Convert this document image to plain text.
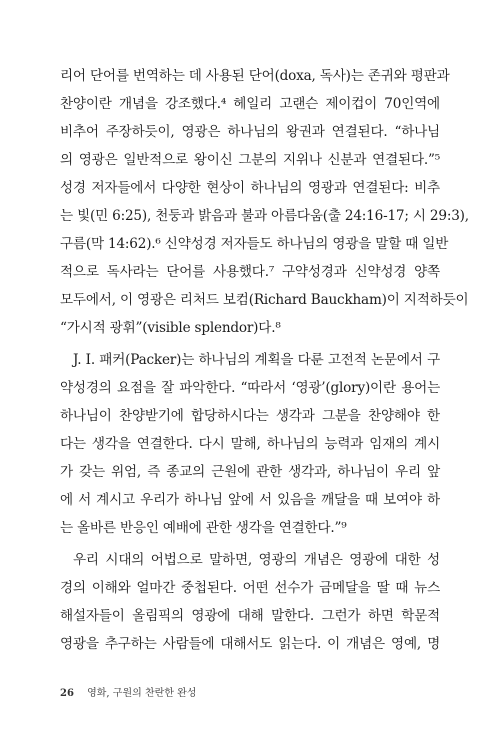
리어 단어를 번역하는 데 사용된 단어(doxa, 독사)는 존귀와 평판과
찬양이란 개념을 강조했다.⁴ 헤일리 고랜슨 제이컵이 70인역에
비추어 주장하듯이, 영광은 하나님의 왕권과 연결된다. “하나님
의 영광은 일반적으로 왕이신 그분의 지위나 신분과 연결된다.”⁵
성경 저자들에서 다양한 현상이 하나님의 영광과 연결된다: 비추
는 빛(민 6:25), 천둥과 밝음과 불과 아름다움(출 24:16-17; 시 29:3),
구름(막 14:62).⁶ 신약성경 저자들도 하나님의 영광을 말할 때 일반
적으로 독사라는 단어를 사용했다.⁷ 구약성경과 신약성경 양쪽
모두에서, 이 영광은 리처드 보컴(Richard Bauckham)이 지적하듯이
“가시적 광휘”(visible splendor)다.⁸
J. I. 패커(Packer)는 하나님의 계획을 다룬 고전적 논문에서 구
약성경의 요점을 잘 파악한다. “따라서 ‘영광’(glory)이란 용어는
하나님이 찬양받기에 합당하시다는 생각과 그분을 찬양해야 한
다는 생각을 연결한다. 다시 말해, 하나님의 능력과 임재의 계시
가 갖는 위엄, 즉 종교의 근원에 관한 생각과, 하나님이 우리 앞
에 서 계시고 우리가 하나님 앞에 서 있음을 깨달을 때 보여야 하
는 올바른 반응인 예배에 관한 생각을 연결한다.”⁹
우리 시대의 어법으로 말하면, 영광의 개념은 영광에 대한 성
경의 이해와 얼마간 중첩된다. 어떤 선수가 금메달을 딸 때 뉴스
해설자들이 올림픽의 영광에 대해 말한다. 그런가 하면 학문적
영광을 추구하는 사람들에 대해서도 읽는다. 이 개념은 영예, 명
26 영화, 구원의 찬란한 완성
